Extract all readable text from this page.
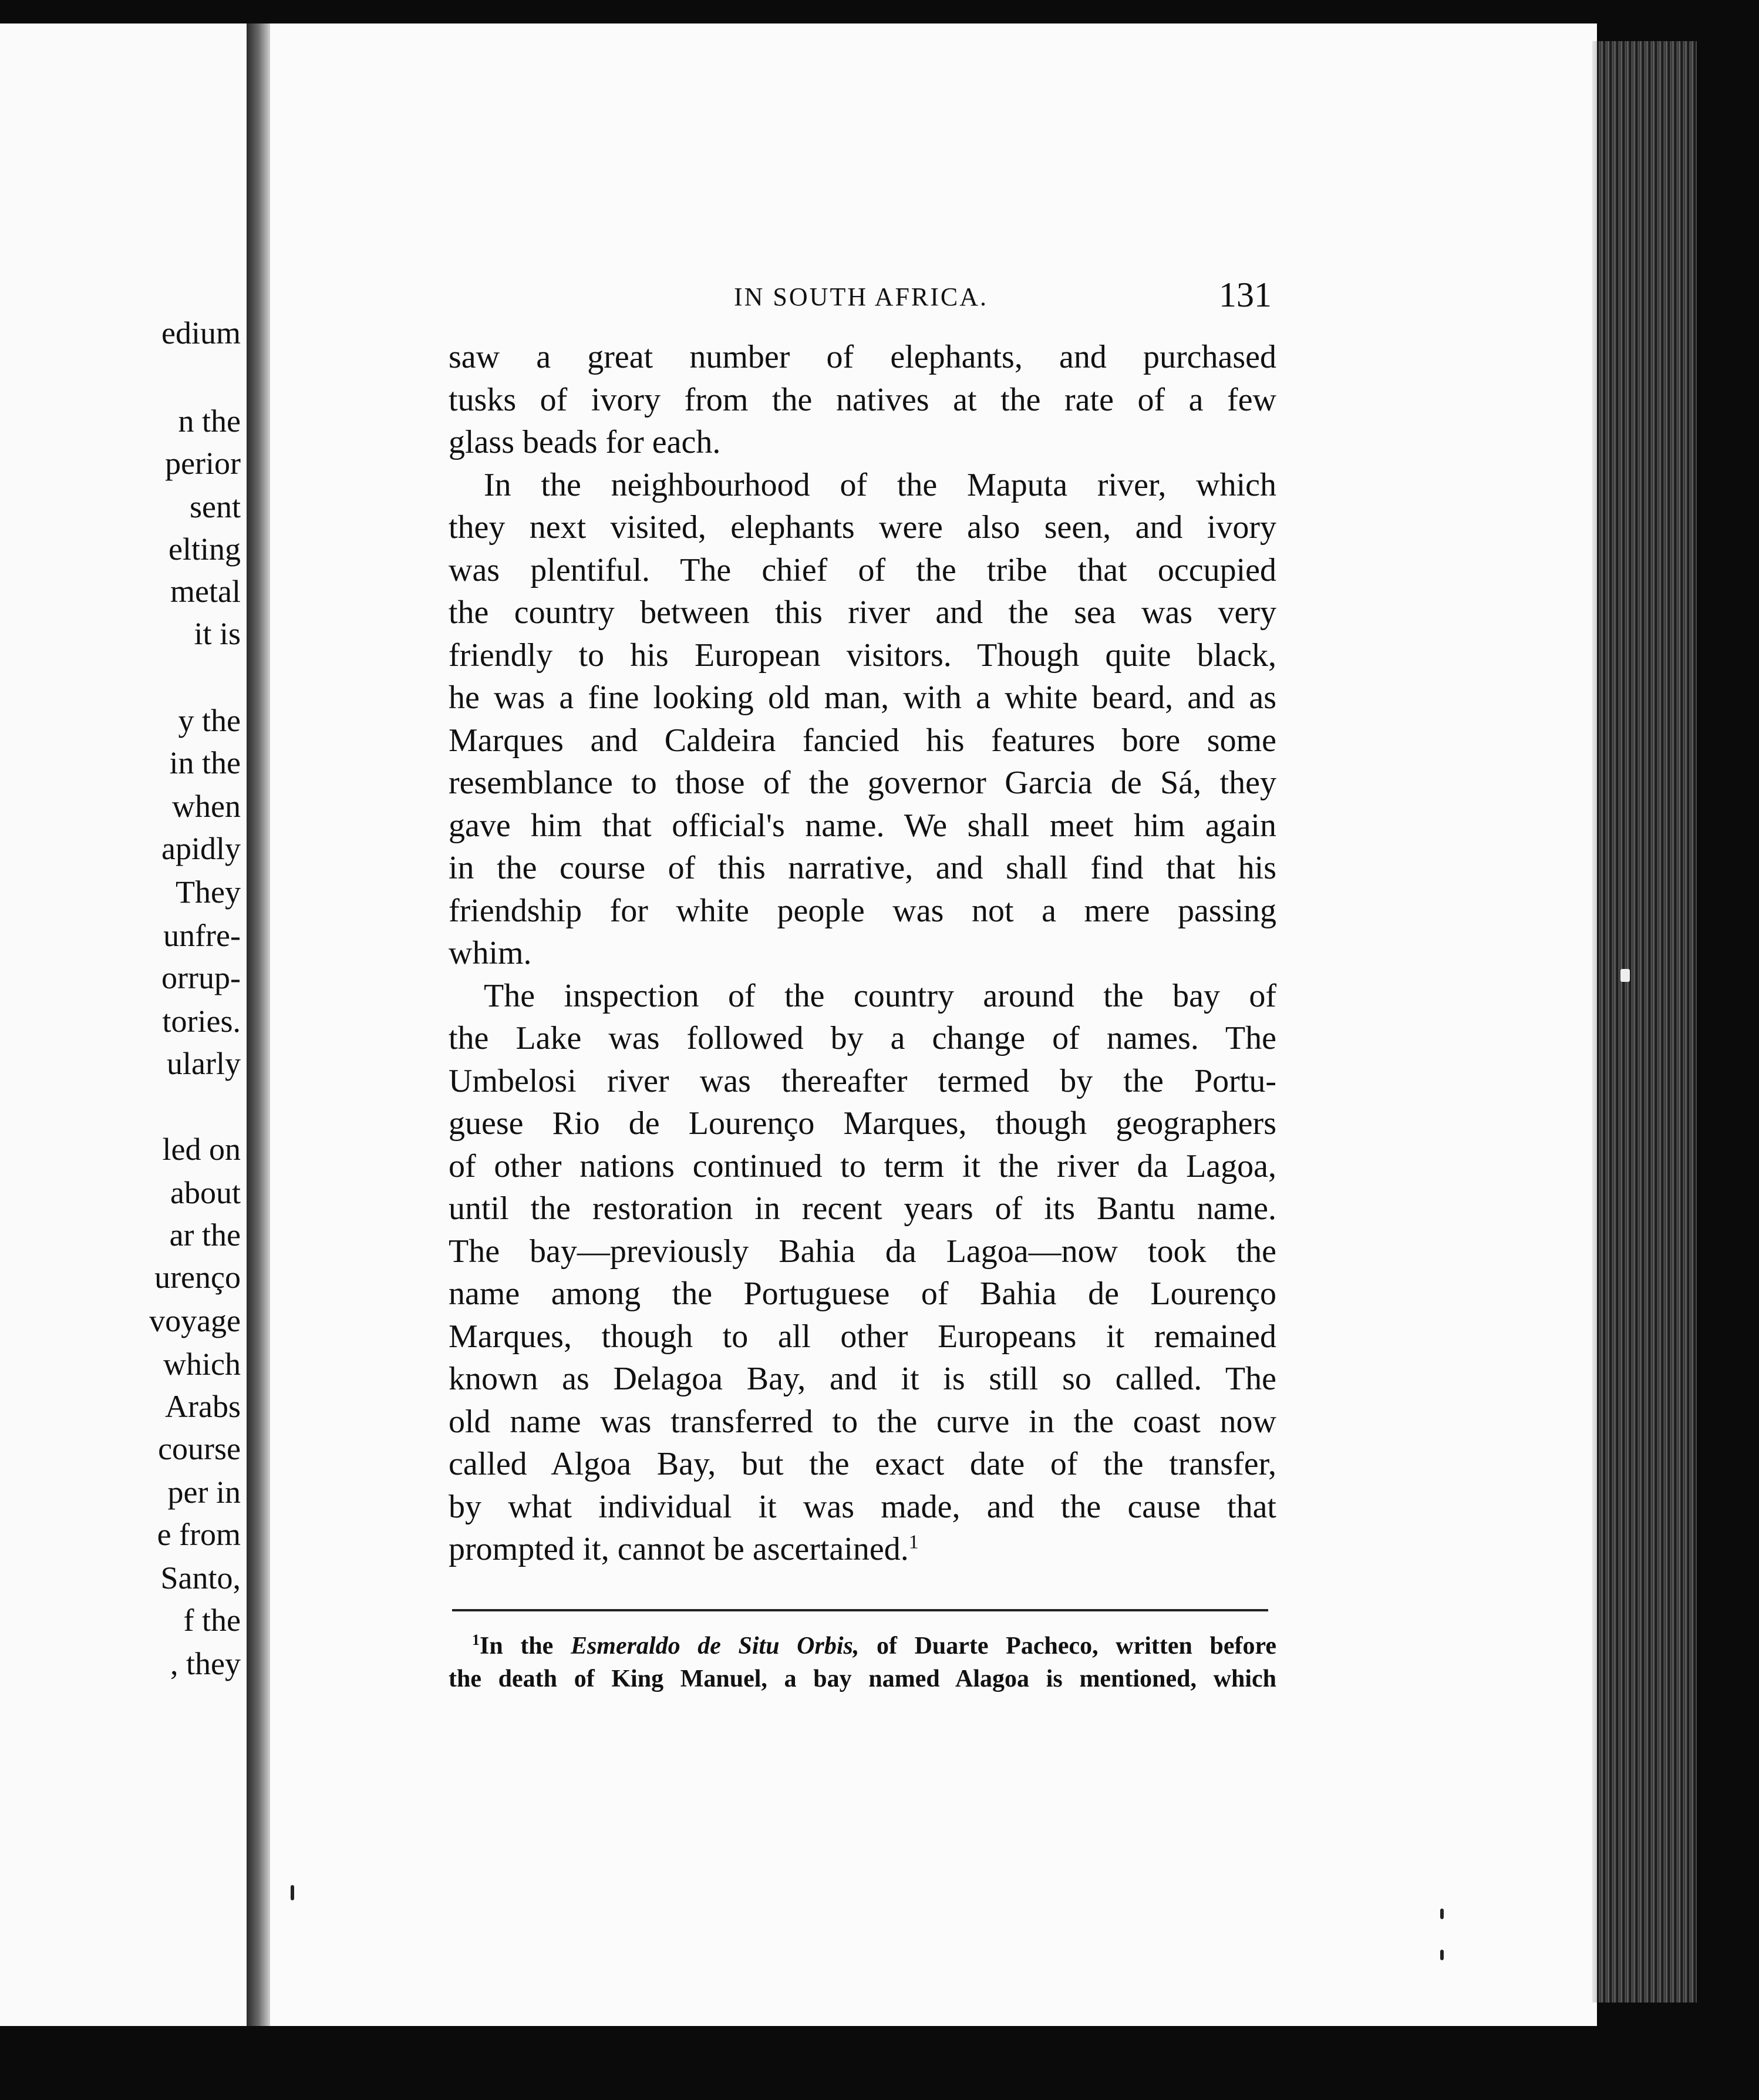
edium

n the

perior

sent

elting

metal

it is

y the

in the

when

apidly

They

unfre-

orrup-

tories.

ularly

led on

about

ar the

urenço

voyage

which

Arabs

course

per in

e from

Santo,

f the

, they

IN SOUTH AFRICA.	131

saw a great number of elephants, and purchased

tusks of ivory from the natives at the rate of a few

glass beads for each.

In the neighbourhood of the Maputa river, which

they next visited, elephants were also seen, and ivory

was plentiful. The chief of the tribe that occupied

the country between this river and the sea was very

friendly to his European visitors. Though quite black,

he was a fine looking old man, with a white beard, and as

Marques and Caldeira fancied his features bore some

resemblance to those of the governor Garcia de Sá, they

gave him that official's name. We shall meet him again

in the course of this narrative, and shall find that his

friendship for white people was not a mere passing

whim.

The inspection of the country around the bay of

the Lake was followed by a change of names. The

Umbelosi river was thereafter termed by the Portu-

guese Rio de Lourenço Marques, though geographers

of other nations continued to term it the river da Lagoa,

until the restoration in recent years of its Bantu name.

The bay—previously Bahia da Lagoa—now took the

name among the Portuguese of Bahia de Lourenço

Marques, though to all other Europeans it remained

known as Delagoa Bay, and it is still so called. The

old name was transferred to the curve in the coast now

called Algoa Bay, but the exact date of the transfer,

by what individual it was made, and the cause that

prompted it, cannot be ascertained.$^1$

$^1$In the Esmeraldo de Situ Orbis, of Duarte Pacheco, written before

the death of King Manuel, a bay named Alagoa is mentioned, which
